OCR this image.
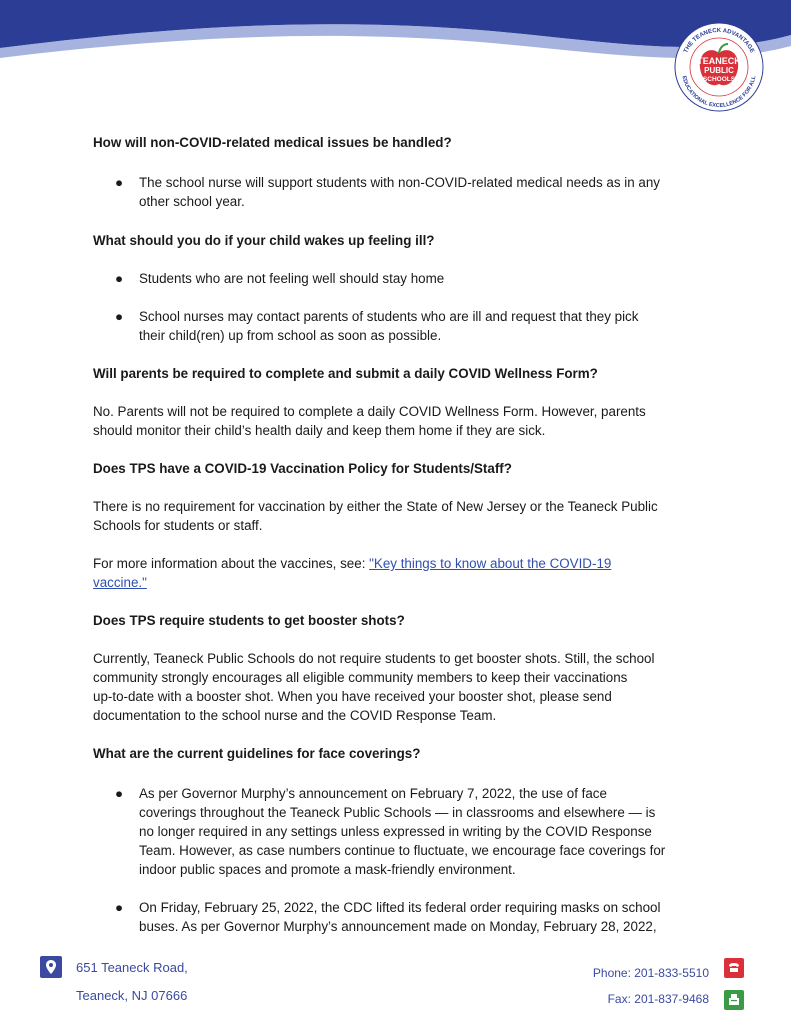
TEANECK
PUBLIC
SCHOOLS
THE TEANECK ADVANTAGE
EDUCATIONAL EXCELLENCE FOR ALL

How will non-COVID-related medical issues be handled?

● The school nurse will support students with non-COVID-related medical needs as in any
other school year.

What should you do if your child wakes up feeling ill?

● Students who are not feeling well should stay home
● School nurses may contact parents of students who are ill and request that they pick
their child(ren) up from school as soon as possible.

Will parents be required to complete and submit a daily COVID Wellness Form?

No. Parents will not be required to complete a daily COVID Wellness Form. However, parents

should monitor their child’s health daily and keep them home if they are sick.

Does TPS have a COVID-19 Vaccination Policy for Students/Staff?

There is no requirement for vaccination by either the State of New Jersey or the Teaneck Public

Schools for students or staff.

For more information about the vaccines, see: "Key things to know about the COVID-19

vaccine."

Does TPS require students to get booster shots?

Currently, Teaneck Public Schools do not require students to get booster shots. Still, the school

community strongly encourages all eligible community members to keep their vaccinations

up-to-date with a booster shot. When you have received your booster shot, please send

documentation to the school nurse and the COVID Response Team.

What are the current guidelines for face coverings?

● As per Governor Murphy’s announcement on February 7, 2022, the use of face
coverings throughout the Teaneck Public Schools — in classrooms and elsewhere — is
no longer required in any settings unless expressed in writing by the COVID Response
Team. However, as case numbers continue to fluctuate, we encourage face coverings for
indoor public spaces and promote a mask-friendly environment.
● On Friday, February 25, 2022, the CDC lifted its federal order requiring masks on school
buses. As per Governor Murphy’s announcement made on Monday, February 28, 2022,
651 Teaneck Road,
Teaneck, NJ 07666
Phone: 201-833-5510
Fax: 201-837-9468
